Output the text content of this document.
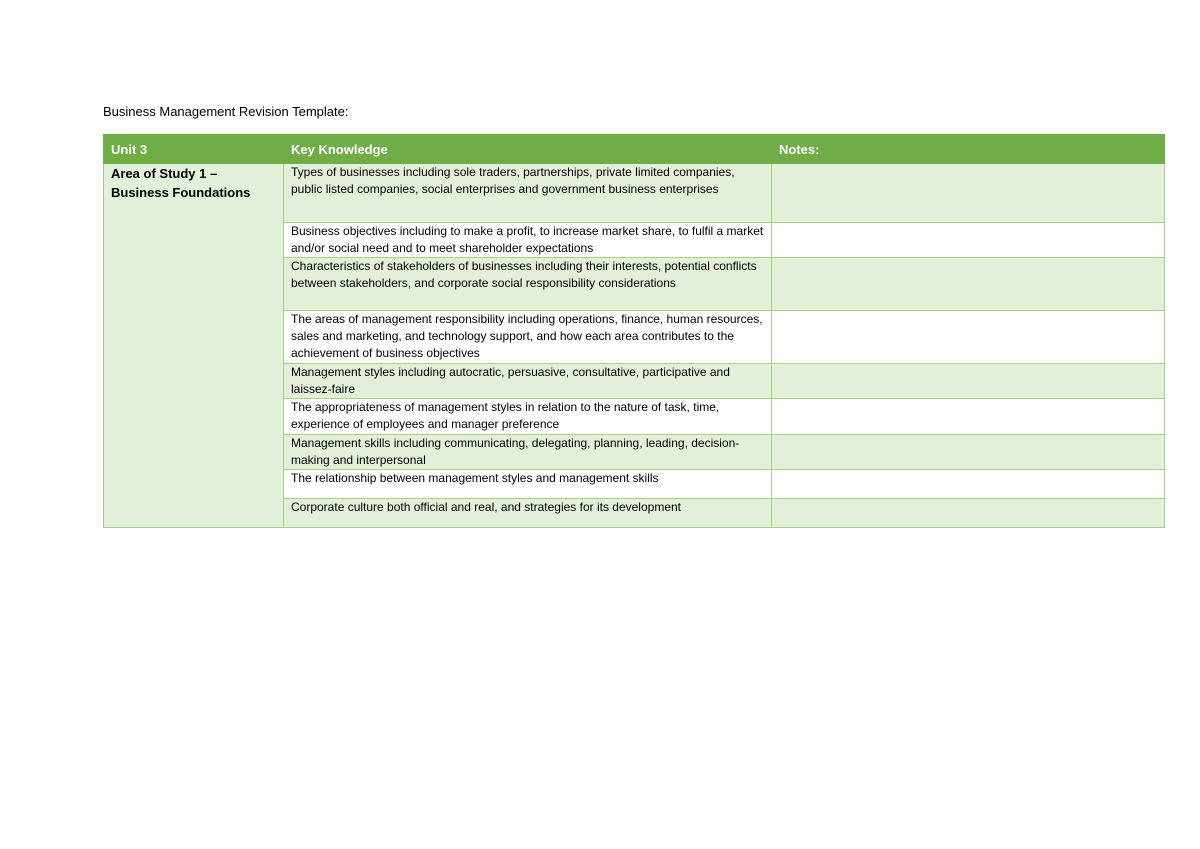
Business Management Revision Template:
Unit 3	Key Knowledge	Notes:
Area of Study 1 – Business Foundations	Types of businesses including sole traders, partnerships, private limited companies, public listed companies, social enterprises and government business enterprises	
	Business objectives including to make a profit, to increase market share, to fulfil a market and/or social need and to meet shareholder expectations	
	Characteristics of stakeholders of businesses including their interests, potential conflicts between stakeholders, and corporate social responsibility considerations	
	The areas of management responsibility including operations, finance, human resources, sales and marketing, and technology support, and how each area contributes to the achievement of business objectives	
	Management styles including autocratic, persuasive, consultative, participative and laissez-faire	
	The appropriateness of management styles in relation to the nature of task, time, experience of employees and manager preference	
	Management skills including communicating, delegating, planning, leading, decision-making and interpersonal	
	The relationship between management styles and management skills	
	Corporate culture both official and real, and strategies for its development	
